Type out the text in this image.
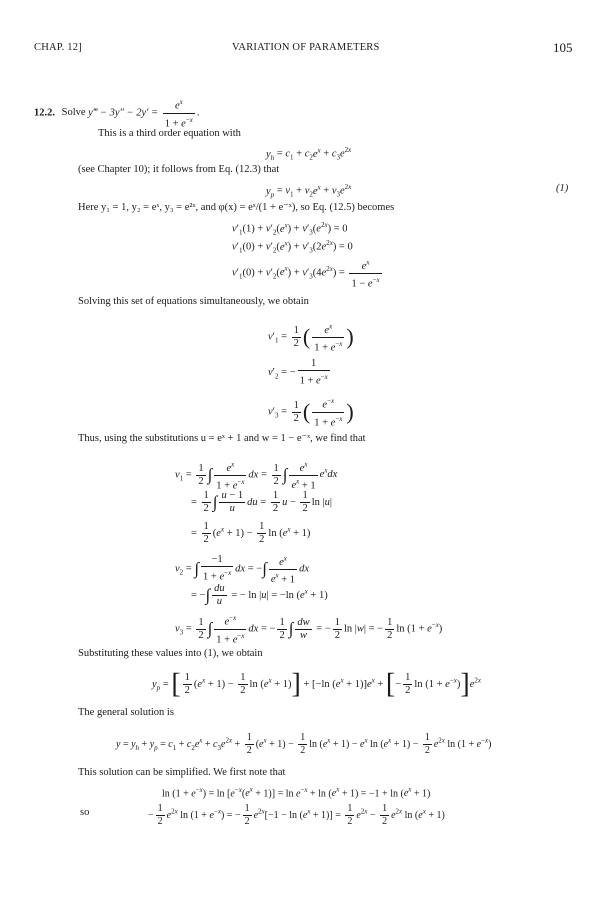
CHAP. 12]	VARIATION OF PARAMETERS	105
12.2. Solve y‴ − $3y'' - 2y' = \frac{e^x}{1 + e^{-x}}$ .
This is a third order equation with
$y_h = c_1 + c_2e^x + c_3e^{2x}$
(see Chapter 10); it follows from Eq. (12.3) that
$y_p = v_1 + v_2e^x + v_3e^{2x}$	(1)
Here y₁ = 1, y₂ = eˣ, y₃ = e²ˣ, and φ(x) = eˣ/(1 + e⁻ˣ), so Eq. (12.5) becomes
$v'_1(1) + v'_2(e^x) + v'_3(e^{2x}) = 0$
$v'_1(0) + v'_2(e^x) + v'_3(2e^{2x}) = 0$
$v'_1(0) + v'_2(e^x) + v'_3(4e^{2x}) = \frac{e^x}{1 - e^{-x}}$
Solving this set of equations simultaneously, we obtain
$v'_1 = \frac{1}{2}$ ( $\frac{e^x}{1 + e^{-x}}$ )
$v'_2$ = − $\frac{1}{1 + e^{-x}}$
$v'_3 = \frac{1}{2}$ ( $\frac{e^{-x}}{1 + e^{-x}}$ )
Thus, using the substitutions u = eˣ + 1 and w = 1 − e⁻ˣ, we find that
$v_1 = \frac{1}{2}$ ∫ $\frac{e^x}{1 + e^{-x}}$ dx = $\frac{1}{2}$ ∫ $\frac{e^x}{e^x + 1} e^xdx$
= $\frac{1}{2}$ ∫ $\frac{u - 1}{u}$ du = $\frac{1}{2}$ $u - \frac{1}{2}$ ln |u|
= $\frac{1}{2} (e^x + 1) - \frac{1}{2}$ $\ln (e^x + 1)$
$v_2$ = ∫ $\frac{-1}{1 + e^{-x}}$ dx = −∫ $\frac{e^x}{e^x + 1}$ dx
= −∫ $\frac{du}{u}$ = − ln |u| = −ln $(e^x + 1)$
$v_3 = \frac{1}{2}$ ∫ $\frac{e^{-x}}{1 + e^{-x}}$ dx = − $\frac{1}{2}$ ∫ $\frac{dw}{w}$ = − $\frac{1}{2}$ ln |w| = − $\frac{1}{2}$ $\ln (1 + e^{-x})$
Substituting these values into (1), we obtain
$y_p$ = [ $\frac{1}{2} (e^x + 1) - \frac{1}{2}$ $\ln (e^x + 1)] + [-\ln$ $(e^x + 1)]e^x$ + [− $\frac{1}{2}$ $\ln (1 + e^{-x})]e^{2x}$
The general solution is
$y = y_h + y_p = c_1 + c_2e^x + c_3e^{2x} + \frac{1}{2} (e^x + 1) - \frac{1}{2}$ $\ln (e^x + 1) - e^x$ $\ln (e^x + 1) - \frac{1}{2} e^{2x}$ $\ln (1 + e^{-x})$
This solution can be simplified. We first note that
$\ln (1 + e^{-x}) = \ln [e^{-x}(e^x + 1)] = \ln e^{-x} + \ln (e^x + 1) = -1 + \ln (e^x + 1)$
so	− $\frac{1}{2} e^{2x}$ $\ln (1 + e^{-x})$ = − $\frac{1}{2} e^{2x}[-1 - \ln (e^x + 1)] = \frac{1}{2} e^{2x} - \frac{1}{2} e^{2x}$ $\ln (e^x + 1)$
